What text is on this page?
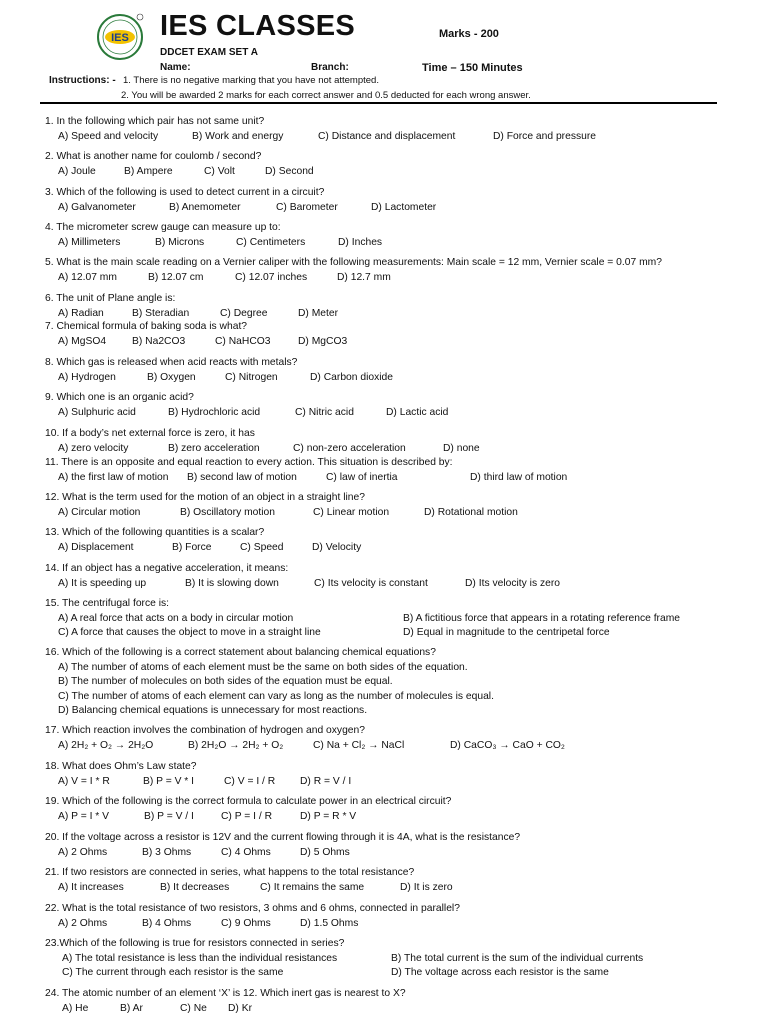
IES IES CLASSES	Marks - 200
DDCET EXAM SET A
Name:	Branch:	Time – 150 Minutes
Instructions: - 1. There is no negative marking that you have not attempted.
2. You will be awarded 2 marks for each correct answer and 0.5 deducted for each wrong answer.
1. In the following which pair has not same unit?
A) Speed and velocity	B) Work and energy	C) Distance and displacement	D) Force and pressure
2. What is another name for coulomb / second?
A) Joule	B) Ampere	C) Volt	D) Second
3. Which of the following is used to detect current in a circuit?
A) Galvanometer	B) Anemometer	C) Barometer	D) Lactometer
4. The micrometer screw gauge can measure up to:
A) Millimeters	B) Microns	C) Centimeters	D) Inches
5. What is the main scale reading on a Vernier caliper with the following measurements: Main scale = 12 mm, Vernier scale = 0.07 mm?
A) 12.07 mm	B) 12.07 cm	C) 12.07 inches	D) 12.7 mm
6. The unit of Plane angle is:
A) Radian	B) Steradian	C) Degree	D) Meter
7. Chemical formula of baking soda is what?
A) MgSO4	B) Na2CO3	C) NaHCO3	D) MgCO3
8. Which gas is released when acid reacts with metals?
A) Hydrogen	B) Oxygen	C) Nitrogen	D) Carbon dioxide
9. Which one is an organic acid?
A) Sulphuric acid	B) Hydrochloric acid	C) Nitric acid	D) Lactic acid
10. If a body’s net external force is zero, it has
A) zero velocity	B) zero acceleration	C) non-zero acceleration	D) none
11. There is an opposite and equal reaction to every action. This situation is described by:
A) the first law of motion B) second law of motion	C) law of inertia	D) third law of motion
12. What is the term used for the motion of an object in a straight line?
A) Circular motion	B) Oscillatory motion	C) Linear motion	D) Rotational motion
13. Which of the following quantities is a scalar?
A) Displacement	B) Force	C) Speed	D) Velocity
14. If an object has a negative acceleration, it means:
A) It is speeding up	B) It is slowing down	C) Its velocity is constant	D) Its velocity is zero
15. The centrifugal force is:
A) A real force that acts on a body in circular motion	B) A fictitious force that appears in a rotating reference frame
C) A force that causes the object to move in a straight line	D) Equal in magnitude to the centripetal force
16. Which of the following is a correct statement about balancing chemical equations?
A) The number of atoms of each element must be the same on both sides of the equation.
B) The number of molecules on both sides of the equation must be equal.
C) The number of atoms of each element can vary as long as the number of molecules is equal.
D) Balancing chemical equations is unnecessary for most reactions.
17. Which reaction involves the combination of hydrogen and oxygen?
A) 2H₂ + O₂ → 2H₂O	B) 2H₂O → 2H₂ + O₂	C) Na + Cl₂ → NaCl	D) CaCO₃ → CaO + CO₂
18. What does Ohm’s Law state?
A) V = I * R	B) P = V * I	C) V = I / R D) R = V / I
19. Which of the following is the correct formula to calculate power in an electrical circuit?
A) P = I * V	B) P = V / I	C) P = I / R	D) P = R * V
20. If the voltage across a resistor is 12V and the current flowing through it is 4A, what is the resistance?
A) 2 Ohms	B) 3 Ohms	C) 4 Ohms	D) 5 Ohms
21. If two resistors are connected in series, what happens to the total resistance?
A) It increases	B) It decreases	C) It remains the same	D) It is zero
22. What is the total resistance of two resistors, 3 ohms and 6 ohms, connected in parallel?
A) 2 Ohms	B) 4 Ohms	C) 9 Ohms	D) 1.5 Ohms
23.Which of the following is true for resistors connected in series?
A) The total resistance is less than the individual resistances	B) The total current is the sum of the individual currents
C) The current through each resistor is the same	D) The voltage across each resistor is the same
24. The atomic number of an element ‘X’ is 12. Which inert gas is nearest to X?
A) He	B) Ar	C) Ne D) Kr
